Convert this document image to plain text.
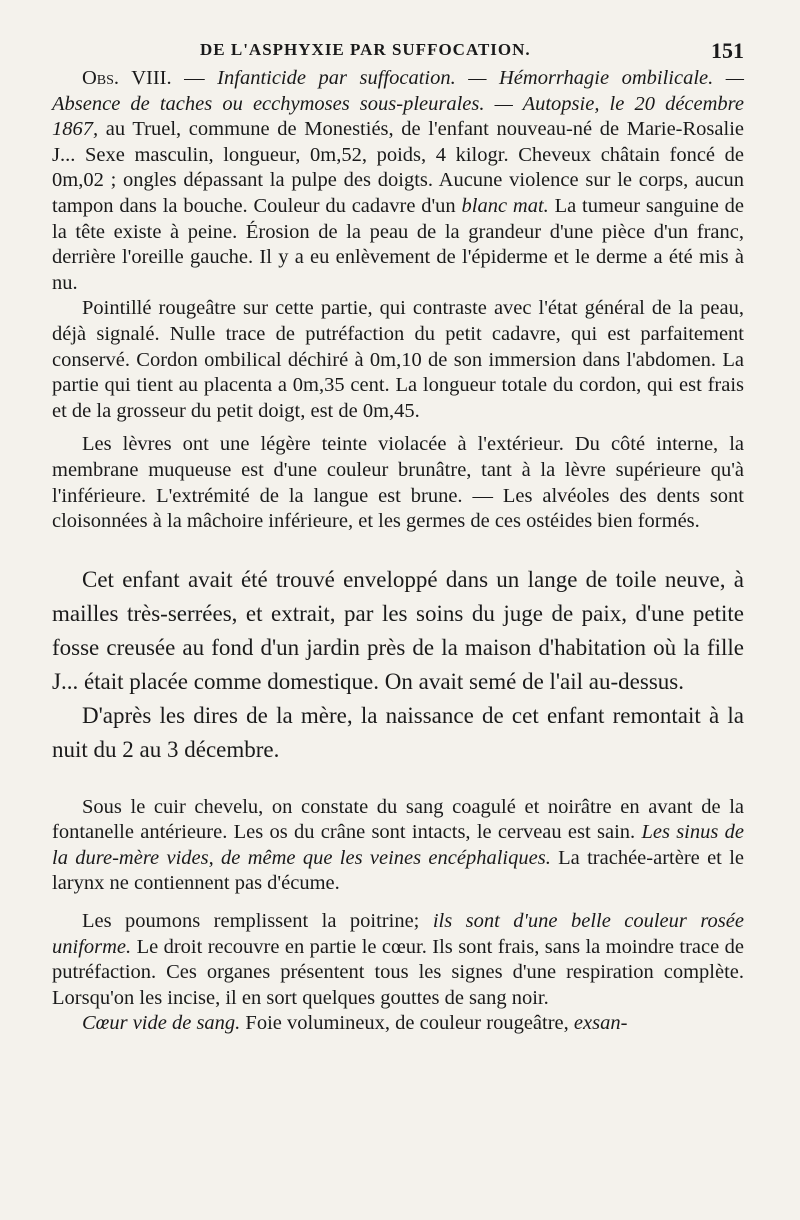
DE L'ASPHYXIE PAR SUFFOCATION.	151

Obs. VIII. — Infanticide par suffocation. — Hémorrhagie ombilicale. — Absence de taches ou ecchymoses sous-pleurales. — Autopsie, le 20 décembre 1867, au Truel, commune de Monestiés, de l'enfant nouveau-né de Marie-Rosalie J... Sexe masculin, longueur, 0m,52, poids, 4 kilogr. Cheveux châtain foncé de 0m,02 ; ongles dépassant la pulpe des doigts. Aucune violence sur le corps, aucun tampon dans la bouche. Couleur du cadavre d'un blanc mat. La tumeur sanguine de la tête existe à peine. Érosion de la peau de la grandeur d'une pièce d'un franc, derrière l'oreille gauche. Il y a eu enlèvement de l'épiderme et le derme a été mis à nu.

Pointillé rougeâtre sur cette partie, qui contraste avec l'état général de la peau, déjà signalé. Nulle trace de putréfaction du petit cadavre, qui est parfaitement conservé. Cordon ombilical déchiré à 0m,10 de son immersion dans l'abdomen. La partie qui tient au placenta a 0m,35 cent. La longueur totale du cordon, qui est frais et de la grosseur du petit doigt, est de 0m,45.

Les lèvres ont une légère teinte violacée à l'extérieur. Du côté interne, la membrane muqueuse est d'une couleur brunâtre, tant à la lèvre supérieure qu'à l'inférieure. L'extrémité de la langue est brune. — Les alvéoles des dents sont cloisonnées à la mâchoire inférieure, et les germes de ces ostéides bien formés.

Cet enfant avait été trouvé enveloppé dans un lange de toile neuve, à mailles très-serrées, et extrait, par les soins du juge de paix, d'une petite fosse creusée au fond d'un jardin près de la maison d'habitation où la fille J... était placée comme domestique. On avait semé de l'ail au-dessus.

D'après les dires de la mère, la naissance de cet enfant remontait à la nuit du 2 au 3 décembre.

Sous le cuir chevelu, on constate du sang coagulé et noirâtre en avant de la fontanelle antérieure. Les os du crâne sont intacts, le cerveau est sain. Les sinus de la dure-mère vides, de même que les veines encéphaliques. La trachée-artère et le larynx ne contiennent pas d'écume.

Les poumons remplissent la poitrine; ils sont d'une belle couleur rosée uniforme. Le droit recouvre en partie le cœur. Ils sont frais, sans la moindre trace de putréfaction. Ces organes présentent tous les signes d'une respiration complète. Lorsqu'on les incise, il en sort quelques gouttes de sang noir.

Cœur vide de sang. Foie volumineux, de couleur rougeâtre, exsan-
